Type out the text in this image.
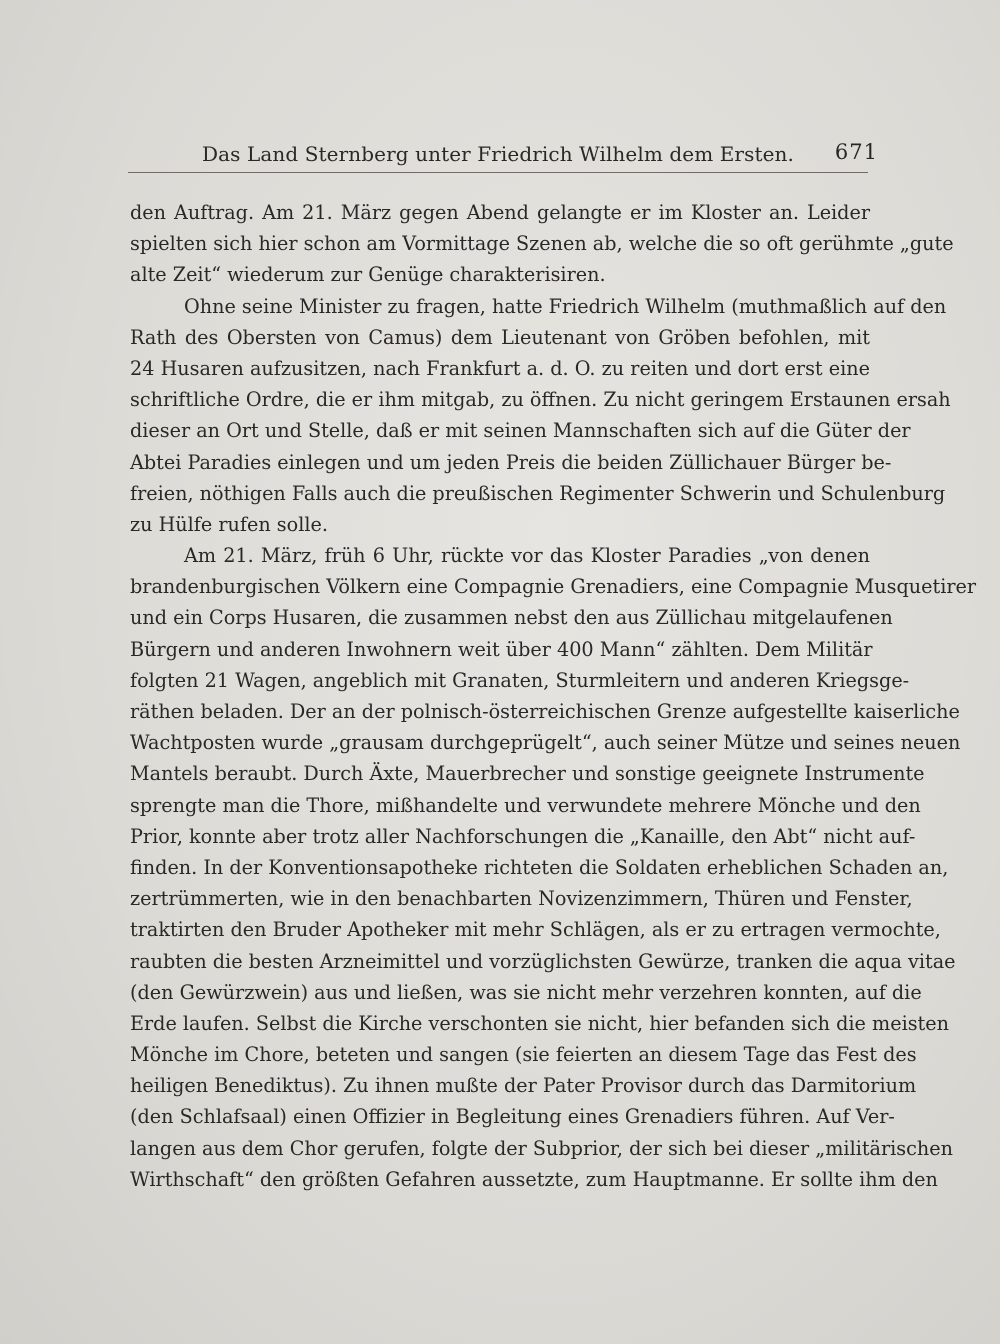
Das Land Sternberg unter Friedrich Wilhelm dem Ersten.	671
den Auftrag. Am 21. März gegen Abend gelangte er im Kloster an. Leider
spielten sich hier schon am Vormittage Szenen ab, welche die so oft gerühmte „gute
alte Zeit“ wiederum zur Genüge charakterisiren.
Ohne seine Minister zu fragen, hatte Friedrich Wilhelm (muthmaßlich auf den
Rath des Obersten von Camus) dem Lieutenant von Gröben befohlen, mit
24 Husaren aufzusitzen, nach Frankfurt a. d. O. zu reiten und dort erst eine
schriftliche Ordre, die er ihm mitgab, zu öffnen. Zu nicht geringem Erstaunen ersah
dieser an Ort und Stelle, daß er mit seinen Mannschaften sich auf die Güter der
Abtei Paradies einlegen und um jeden Preis die beiden Züllichauer Bürger be-
freien, nöthigen Falls auch die preußischen Regimenter Schwerin und Schulenburg
zu Hülfe rufen solle.
Am 21. März, früh 6 Uhr, rückte vor das Kloster Paradies „von denen
brandenburgischen Völkern eine Compagnie Grenadiers, eine Compagnie Musquetirer
und ein Corps Husaren, die zusammen nebst den aus Züllichau mitgelaufenen
Bürgern und anderen Inwohnern weit über 400 Mann“ zählten. Dem Militär
folgten 21 Wagen, angeblich mit Granaten, Sturmleitern und anderen Kriegsge-
räthen beladen. Der an der polnisch-österreichischen Grenze aufgestellte kaiserliche
Wachtposten wurde „grausam durchgeprügelt“, auch seiner Mütze und seines neuen
Mantels beraubt. Durch Äxte, Mauerbrecher und sonstige geeignete Instrumente
sprengte man die Thore, mißhandelte und verwundete mehrere Mönche und den
Prior, konnte aber trotz aller Nachforschungen die „Kanaille, den Abt“ nicht auf-
finden. In der Konventionsapotheke richteten die Soldaten erheblichen Schaden an,
zertrümmerten, wie in den benachbarten Novizenzimmern, Thüren und Fenster,
traktirten den Bruder Apotheker mit mehr Schlägen, als er zu ertragen vermochte,
raubten die besten Arzneimittel und vorzüglichsten Gewürze, tranken die aqua vitae
(den Gewürzwein) aus und ließen, was sie nicht mehr verzehren konnten, auf die
Erde laufen. Selbst die Kirche verschonten sie nicht, hier befanden sich die meisten
Mönche im Chore, beteten und sangen (sie feierten an diesem Tage das Fest des
heiligen Benediktus). Zu ihnen mußte der Pater Provisor durch das Darmitorium
(den Schlafsaal) einen Offizier in Begleitung eines Grenadiers führen. Auf Ver-
langen aus dem Chor gerufen, folgte der Subprior, der sich bei dieser „militärischen
Wirthschaft“ den größten Gefahren aussetzte, zum Hauptmanne. Er sollte ihm den
